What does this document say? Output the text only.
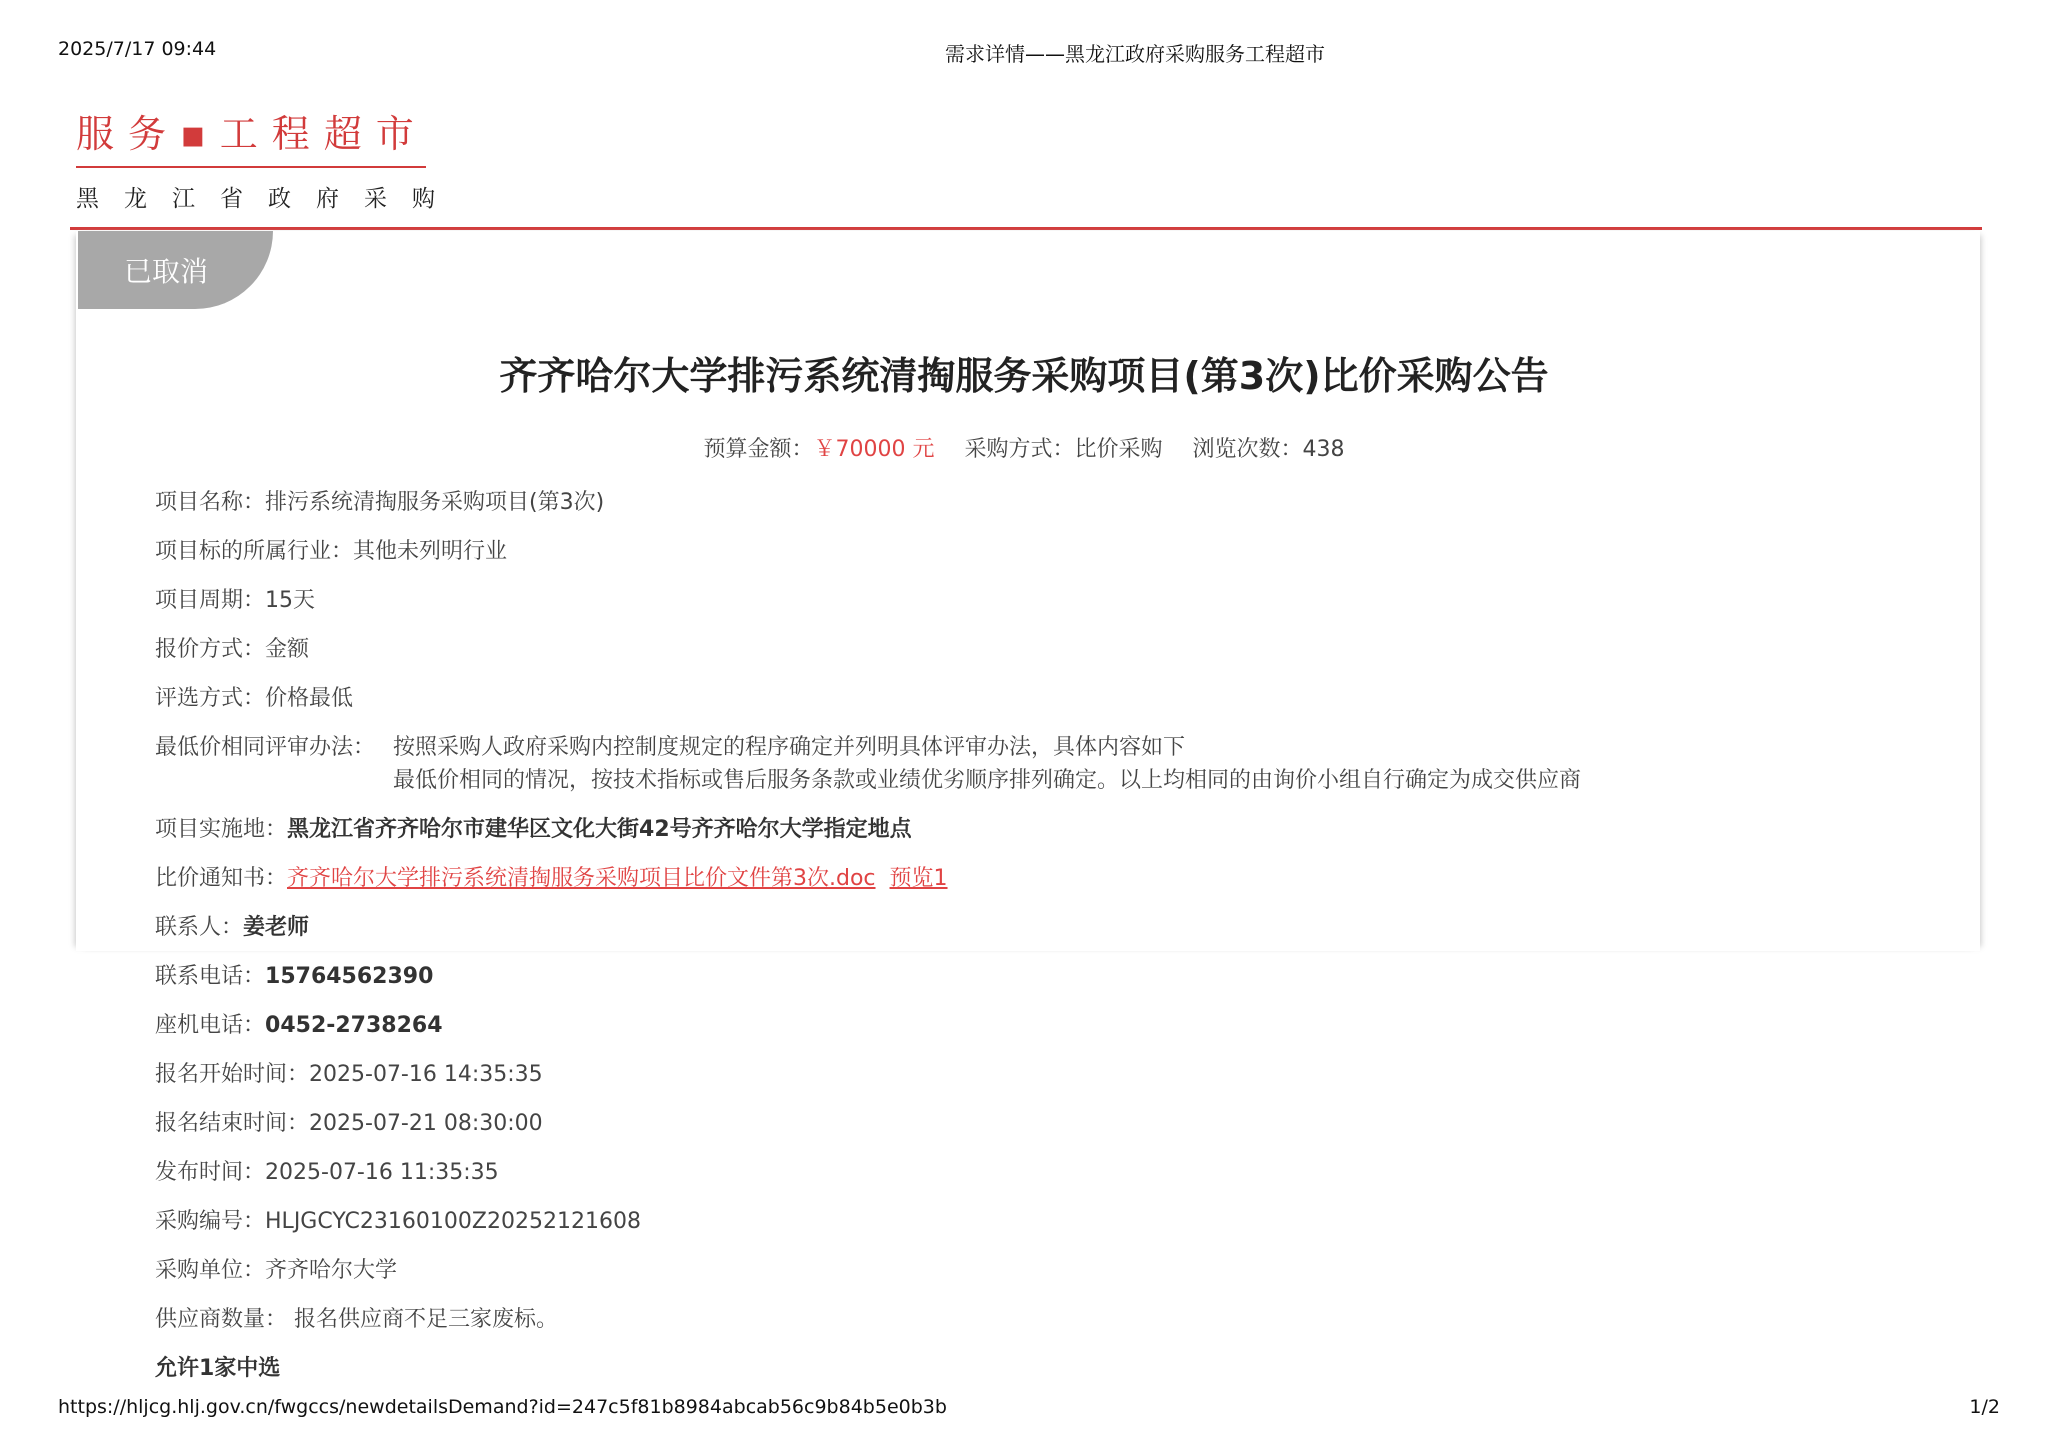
2025/7/17 09:44	需求详情——黑龙江政府采购服务工程超市
服务▪工程超市
黑龙江省政府采购
已取消
齐齐哈尔大学排污系统清掏服务采购项目(第3次)比价采购公告
预算金额：￥70000 元 采购方式：比价采购 浏览次数：438
项目名称：排污系统清掏服务采购项目(第3次)
项目标的所属行业：其他未列明行业
项目周期：15天
报价方式：金额
评选方式：价格最低
最低价相同评审办法： 按照采购人政府采购内控制度规定的程序确定并列明具体评审办法，具体内容如下
最低价相同的情况，按技术指标或售后服务条款或业绩优劣顺序排列确定。以上均相同的由询价小组自行确定为成交供应商
项目实施地：黑龙江省齐齐哈尔市建华区文化大街42号齐齐哈尔大学指定地点
比价通知书：齐齐哈尔大学排污系统清掏服务采购项目比价文件第3次.doc 预览1
联系人：姜老师
联系电话：15764562390
座机电话：0452-2738264
报名开始时间：2025-07-16 14:35:35
报名结束时间：2025-07-21 08:30:00
发布时间：2025-07-16 11:35:35
采购编号：HLJGCYC23160100Z20252121608
采购单位：齐齐哈尔大学
供应商数量： 报名供应商不足三家废标。
允许1家中选
https://hljcg.hlj.gov.cn/fwgccs/newdetailsDemand?id=247c5f81b8984abcab56c9b84b5e0b3b	1/2
